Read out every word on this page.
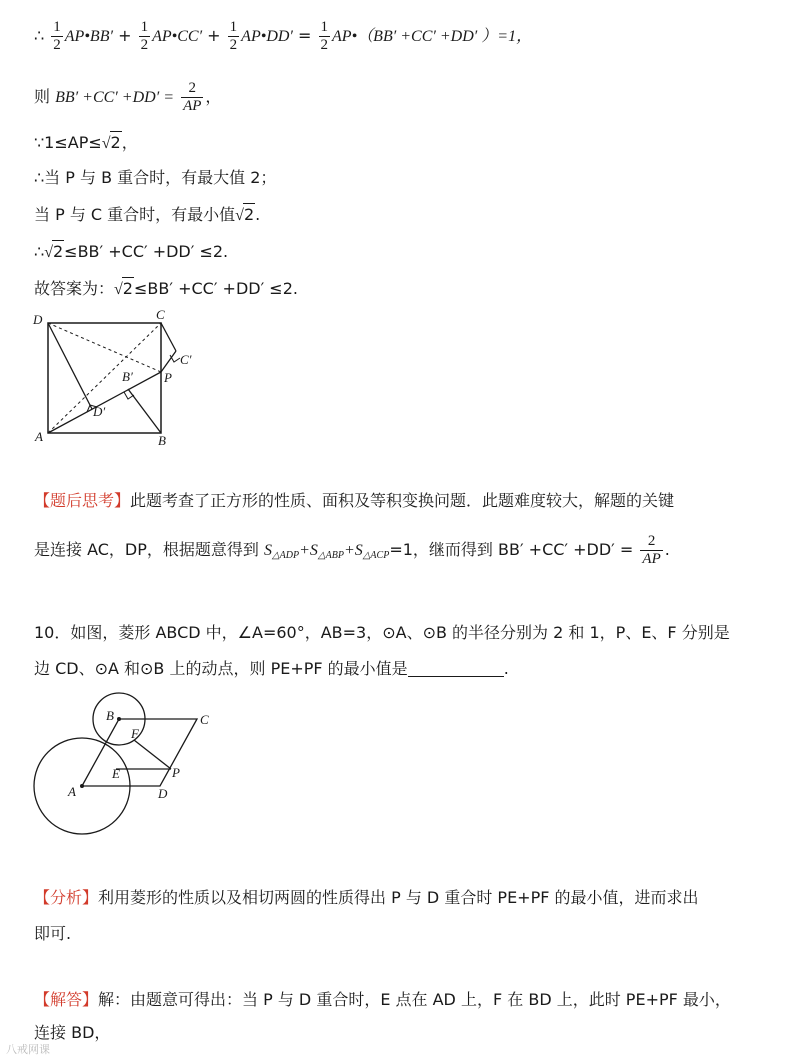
∴ $\frac{1}{2}$ AP•BB′ + $\frac{1}{2}$ AP•CC′ + $\frac{1}{2}$ AP•DD′ = $\frac{1}{2}$ AP•（BB′ +CC′ +DD′ ）=1，
则 $BB' +CC' +DD' = \frac{2}{AP}$ ，
∵1≤AP≤√2，
∴当 P 与 B 重合时，有最大值 2；
当 P 与 C 重合时，有最小值√2.
∴√2≤BB′ +CC′ +DD′ ≤2.
故答案为：√2≤BB′ +CC′ +DD′ ≤2.
D	C
C′
P
B′
D′
A	B
【题后思考】此题考查了正方形的性质、面积及等积变换问题．此题难度较大，解题的关键
是连接 AC，DP，根据题意得到 $S_{\triangle ADP}+S_{\triangle ABP}+S_{\triangle ACP}=1$，继而得到 $BB' +CC' +DD' = \frac{2}{AP}$ .
10．如图，菱形 ABCD 中，∠A=60°，AB=3，⊙A、⊙B 的半径分别为 2 和 1，P、E、F 分别是
边 CD、⊙A 和⊙B 上的动点，则 PE+PF 的最小值是	.
B	C
F
E	P
A	D
【分析】利用菱形的性质以及相切两圆的性质得出 P 与 D 重合时 PE+PF 的最小值，进而求出
即可.
【解答】解：由题意可得出：当 P 与 D 重合时，E 点在 AD 上，F 在 BD 上，此时 PE+PF 最小，
连接 BD，
八戒网课
